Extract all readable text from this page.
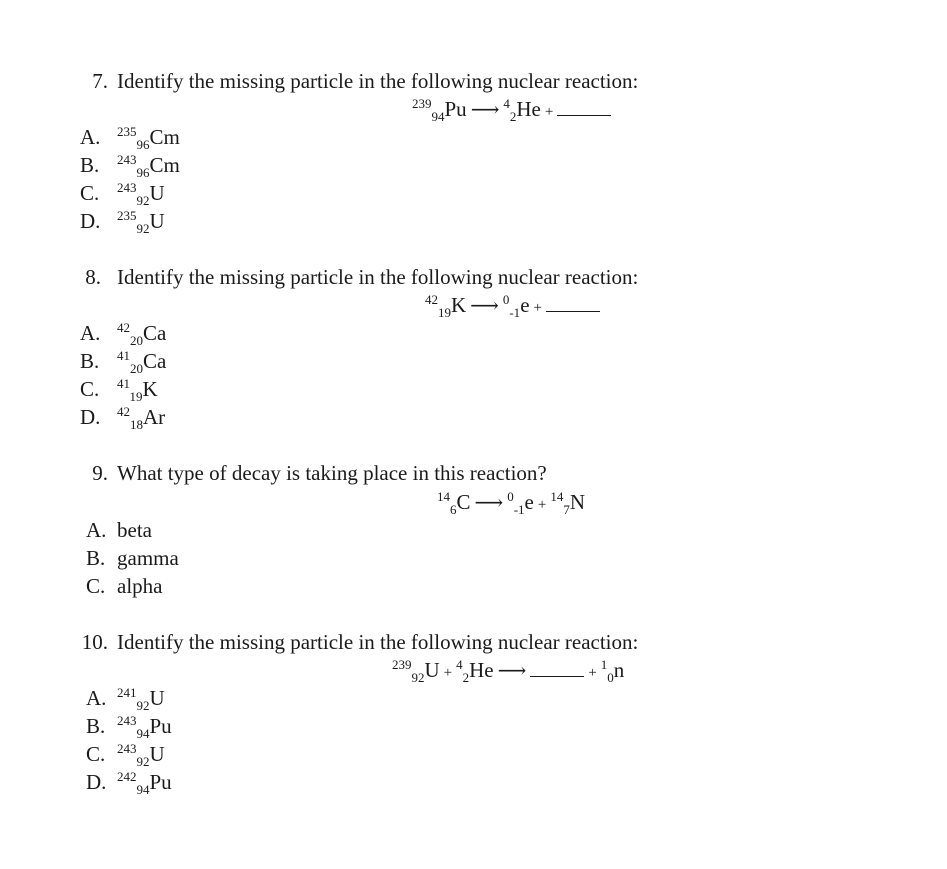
7. Identify the missing particle in the following nuclear reaction:
$^{239}_{94}$Pu ⟶ $^4_2$He +
A. $^{235}_{96}$Cm
B. $^{243}_{96}$Cm
C. $^{243}_{92}$U
D. $^{235}_{92}$U
8. Identify the missing particle in the following nuclear reaction:
$^{42}_{19}$K ⟶ $^0_{-1}$e +
A. $^{42}_{20}$Ca
B. $^{41}_{20}$Ca
C. $^{41}_{19}$K
D. $^{42}_{18}$Ar
9. What type of decay is taking place in this reaction?
$^{14}_6$C ⟶ $^0_{-1}$e +$^{14}_7$N
A. beta
B. gamma
C. alpha
10. Identify the missing particle in the following nuclear reaction:
$^{239}_{92}$U +$^4_2$He ⟶	+$^1_0$n
A. $^{241}_{92}$U
B. $^{243}_{94}$Pu
C. $^{243}_{92}$U
D. $^{242}_{94}$Pu
